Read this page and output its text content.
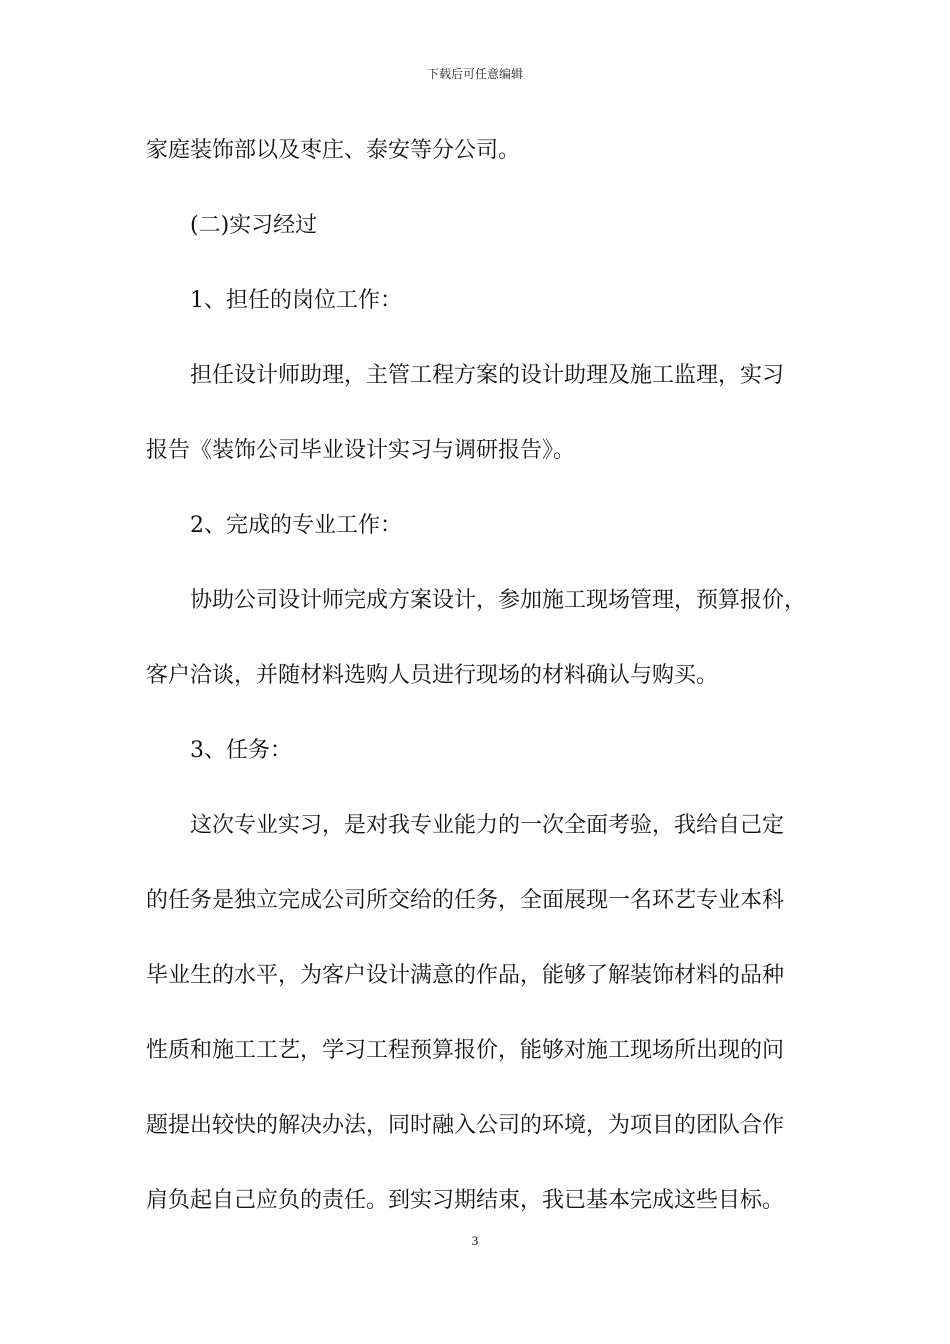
下载后可任意编辑
家庭装饰部以及枣庄、泰安等分公司。
(二)实习经过
1、担任的岗位工作：
担任设计师助理，主管工程方案的设计助理及施工监理，实习
报告《装饰公司毕业设计实习与调研报告》。
2、完成的专业工作：
协助公司设计师完成方案设计，参加施工现场管理，预算报价，
客户洽谈，并随材料选购人员进行现场的材料确认与购买。
3、任务：
这次专业实习，是对我专业能力的一次全面考验，我给自己定
的任务是独立完成公司所交给的任务，全面展现一名环艺专业本科
毕业生的水平，为客户设计满意的作品，能够了解装饰材料的品种
性质和施工工艺，学习工程预算报价，能够对施工现场所出现的问
题提出较快的解决办法，同时融入公司的环境，为项目的团队合作
肩负起自己应负的责任。到实习期结束，我已基本完成这些目标。
3
